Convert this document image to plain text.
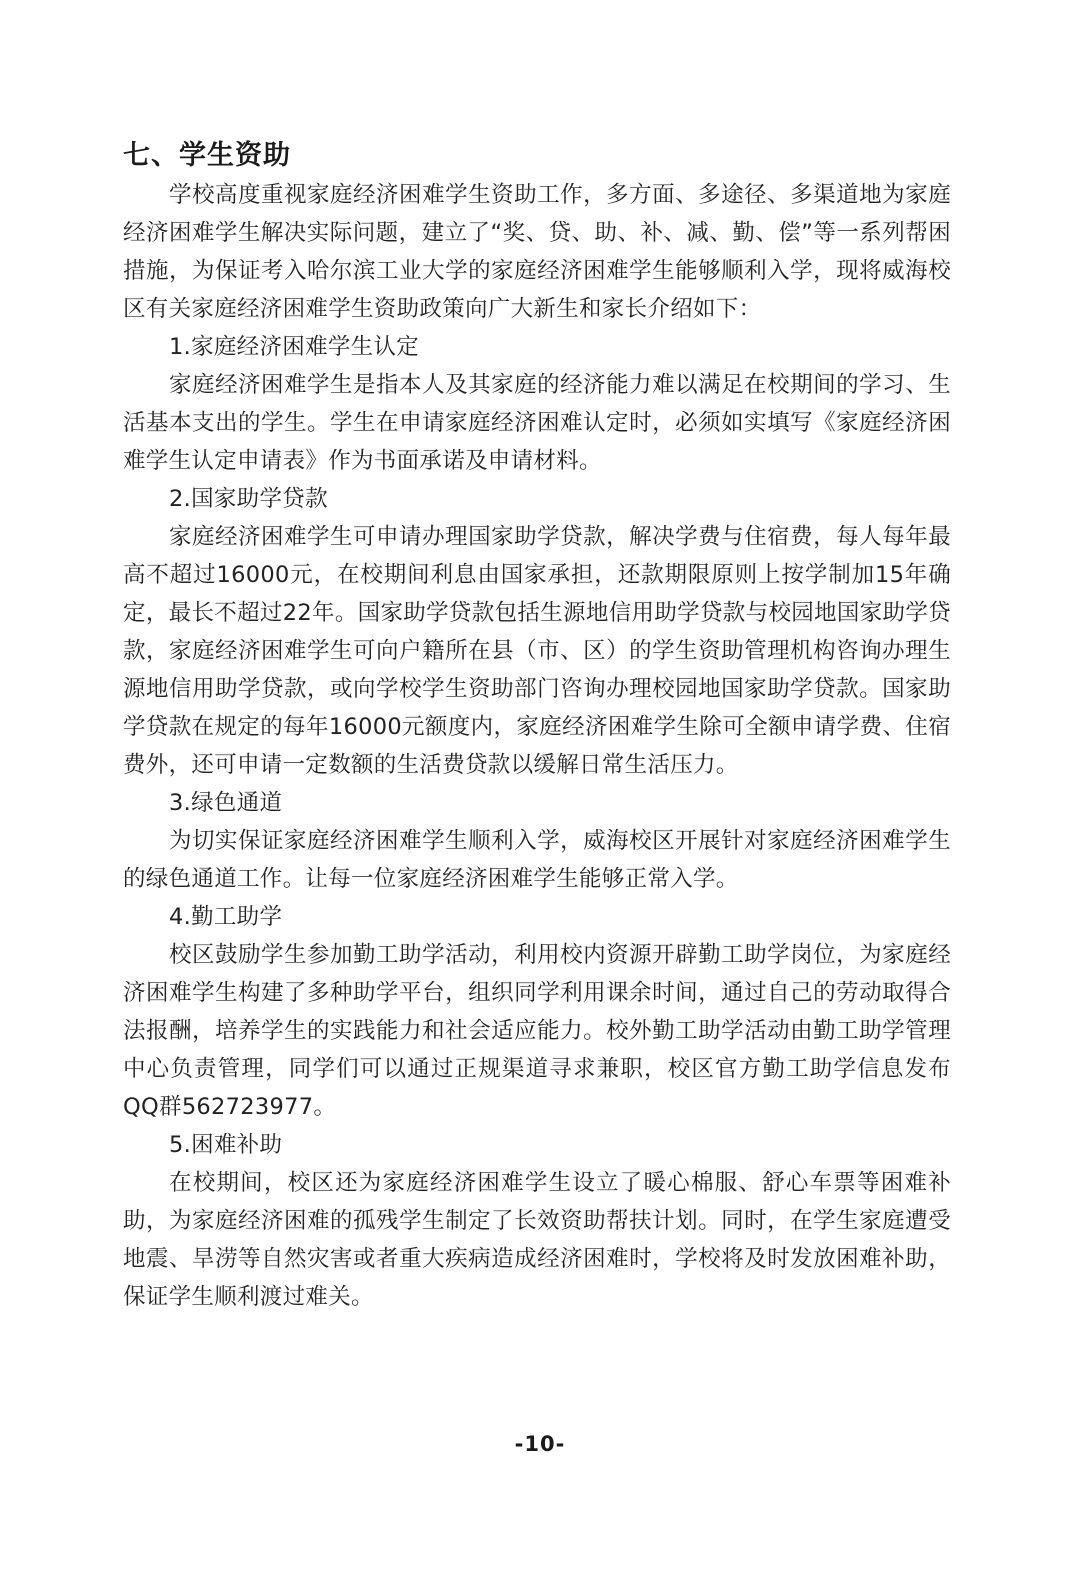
七、学生资助

学校高度重视家庭经济困难学生资助工作，多方面、多途径、多渠道地为家庭经济困难学生解决实际问题，建立了“奖、贷、助、补、减、勤、偿”等一系列帮困措施，为保证考入哈尔滨工业大学的家庭经济困难学生能够顺利入学，现将威海校区有关家庭经济困难学生资助政策向广大新生和家长介绍如下：

1.家庭经济困难学生认定

家庭经济困难学生是指本人及其家庭的经济能力难以满足在校期间的学习、生活基本支出的学生。学生在申请家庭经济困难认定时，必须如实填写《家庭经济困难学生认定申请表》作为书面承诺及申请材料。

2.国家助学贷款

家庭经济困难学生可申请办理国家助学贷款，解决学费与住宿费，每人每年最高不超过16000元，在校期间利息由国家承担，还款期限原则上按学制加15年确定，最长不超过22年。国家助学贷款包括生源地信用助学贷款与校园地国家助学贷款，家庭经济困难学生可向户籍所在县（市、区）的学生资助管理机构咨询办理生源地信用助学贷款，或向学校学生资助部门咨询办理校园地国家助学贷款。国家助学贷款在规定的每年16000元额度内，家庭经济困难学生除可全额申请学费、住宿费外，还可申请一定数额的生活费贷款以缓解日常生活压力。

3.绿色通道

为切实保证家庭经济困难学生顺利入学，威海校区开展针对家庭经济困难学生的绿色通道工作。让每一位家庭经济困难学生能够正常入学。

4.勤工助学

校区鼓励学生参加勤工助学活动，利用校内资源开辟勤工助学岗位，为家庭经济困难学生构建了多种助学平台，组织同学利用课余时间，通过自己的劳动取得合法报酬，培养学生的实践能力和社会适应能力。校外勤工助学活动由勤工助学管理中心负责管理，同学们可以通过正规渠道寻求兼职，校区官方勤工助学信息发布QQ群562723977。

5.困难补助

在校期间，校区还为家庭经济困难学生设立了暖心棉服、舒心车票等困难补助，为家庭经济困难的孤残学生制定了长效资助帮扶计划。同时，在学生家庭遭受地震、旱涝等自然灾害或者重大疾病造成经济困难时，学校将及时发放困难补助，保证学生顺利渡过难关。

-10-
